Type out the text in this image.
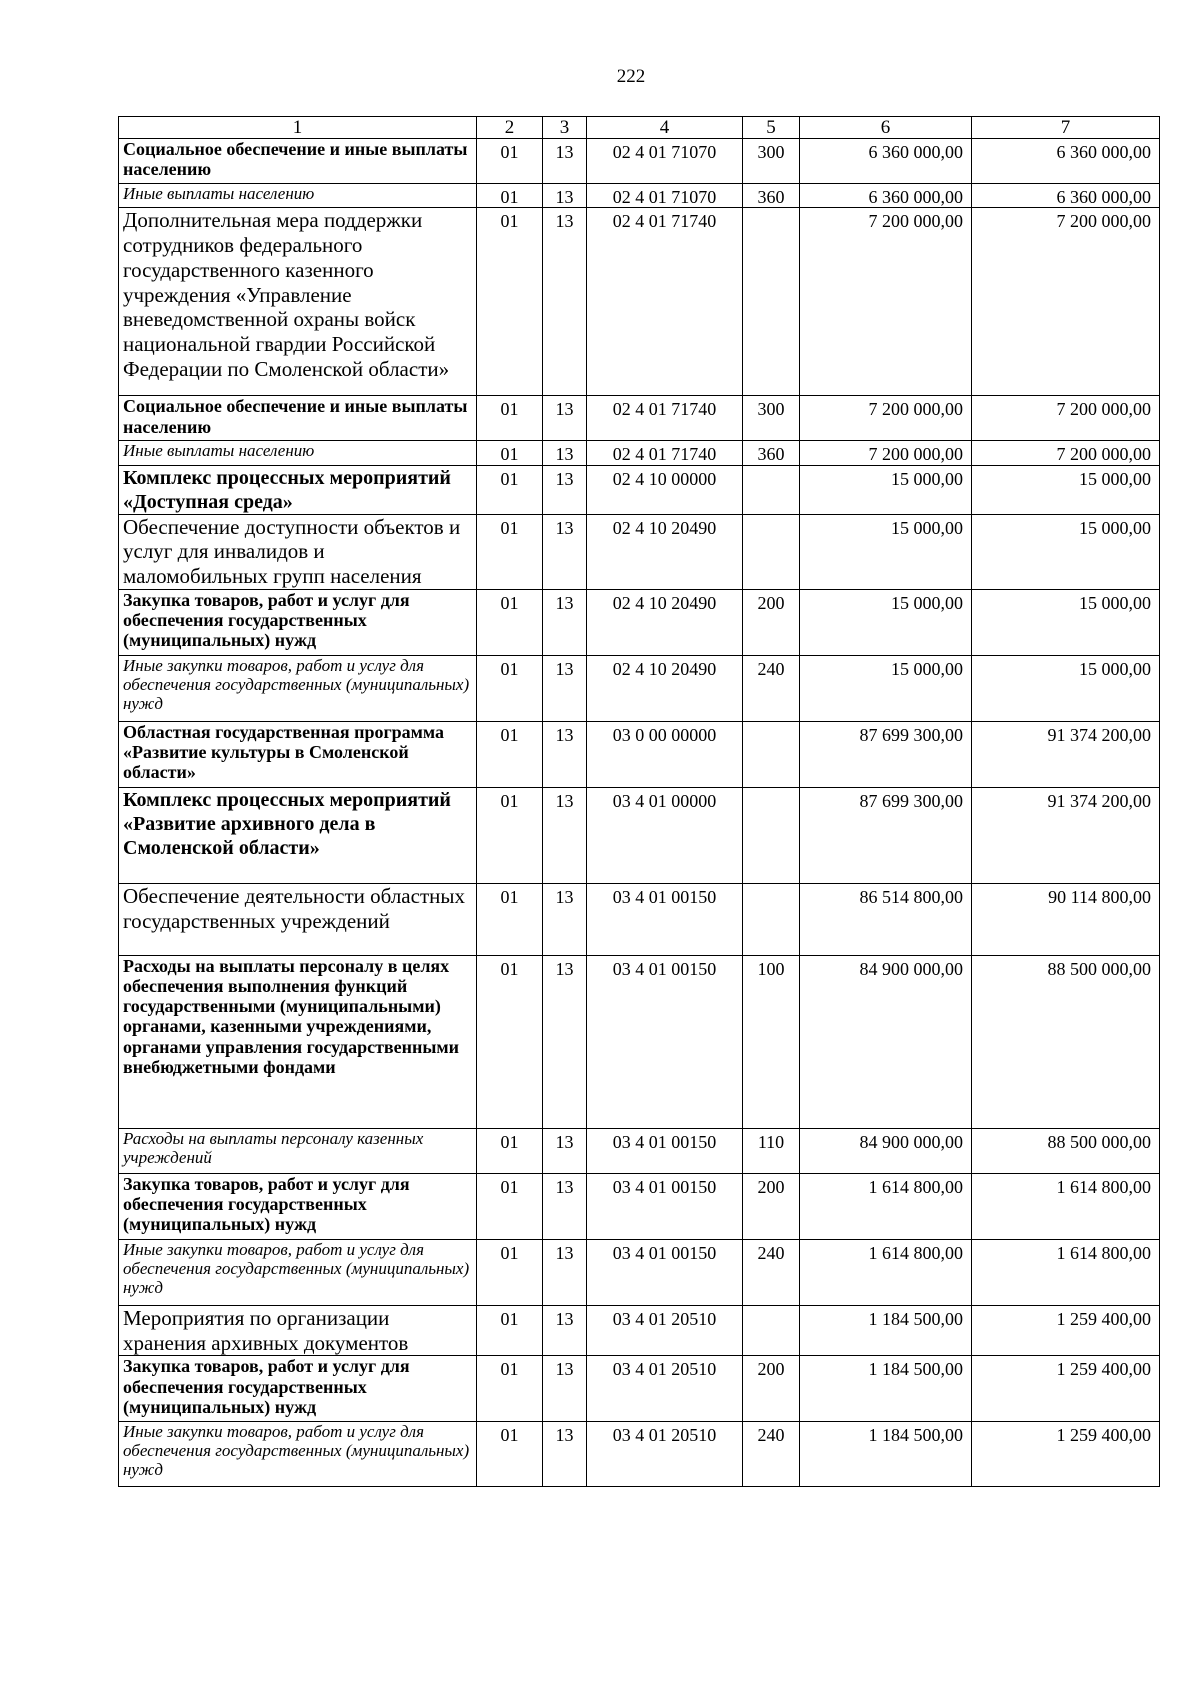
222
1	2	3	4	5	6	7
Социальное обеспечение и иные выплаты населению	01	13	02 4 01 71070	300	6 360 000,00	6 360 000,00
Иные выплаты населению	01	13	02 4 01 71070	360	6 360 000,00	6 360 000,00
Дополнительная мера поддержки сотрудников федерального государственного казенного учреждения «Управление вневедомственной охраны войск национальной гвардии Российской Федерации по Смоленской области»	01	13	02 4 01 71740		7 200 000,00	7 200 000,00
Социальное обеспечение и иные выплаты населению	01	13	02 4 01 71740	300	7 200 000,00	7 200 000,00
Иные выплаты населению	01	13	02 4 01 71740	360	7 200 000,00	7 200 000,00
Комплекс процессных мероприятий «Доступная среда»	01	13	02 4 10 00000		15 000,00	15 000,00
Обеспечение доступности объектов и услуг для инвалидов и маломобильных групп населения	01	13	02 4 10 20490		15 000,00	15 000,00
Закупка товаров, работ и услуг для обеспечения государственных (муниципальных) нужд	01	13	02 4 10 20490	200	15 000,00	15 000,00
Иные закупки товаров, работ и услуг для обеспечения государственных (муниципальных) нужд	01	13	02 4 10 20490	240	15 000,00	15 000,00
Областная государственная программа «Развитие культуры в Смоленской области»	01	13	03 0 00 00000		87 699 300,00	91 374 200,00
Комплекс процессных мероприятий «Развитие архивного дела в Смоленской области»	01	13	03 4 01 00000		87 699 300,00	91 374 200,00
Обеспечение деятельности областных государственных учреждений	01	13	03 4 01 00150		86 514 800,00	90 114 800,00
Расходы на выплаты персоналу в целях обеспечения выполнения функций государственными (муниципальными) органами, казенными учреждениями, органами управления государственными внебюджетными фондами	01	13	03 4 01 00150	100	84 900 000,00	88 500 000,00
Расходы на выплаты персоналу казенных учреждений	01	13	03 4 01 00150	110	84 900 000,00	88 500 000,00
Закупка товаров, работ и услуг для обеспечения государственных (муниципальных) нужд	01	13	03 4 01 00150	200	1 614 800,00	1 614 800,00
Иные закупки товаров, работ и услуг для обеспечения государственных (муниципальных) нужд	01	13	03 4 01 00150	240	1 614 800,00	1 614 800,00
Мероприятия по организации хранения архивных документов	01	13	03 4 01 20510		1 184 500,00	1 259 400,00
Закупка товаров, работ и услуг для обеспечения государственных (муниципальных) нужд	01	13	03 4 01 20510	200	1 184 500,00	1 259 400,00
Иные закупки товаров, работ и услуг для обеспечения государственных (муниципальных) нужд	01	13	03 4 01 20510	240	1 184 500,00	1 259 400,00
